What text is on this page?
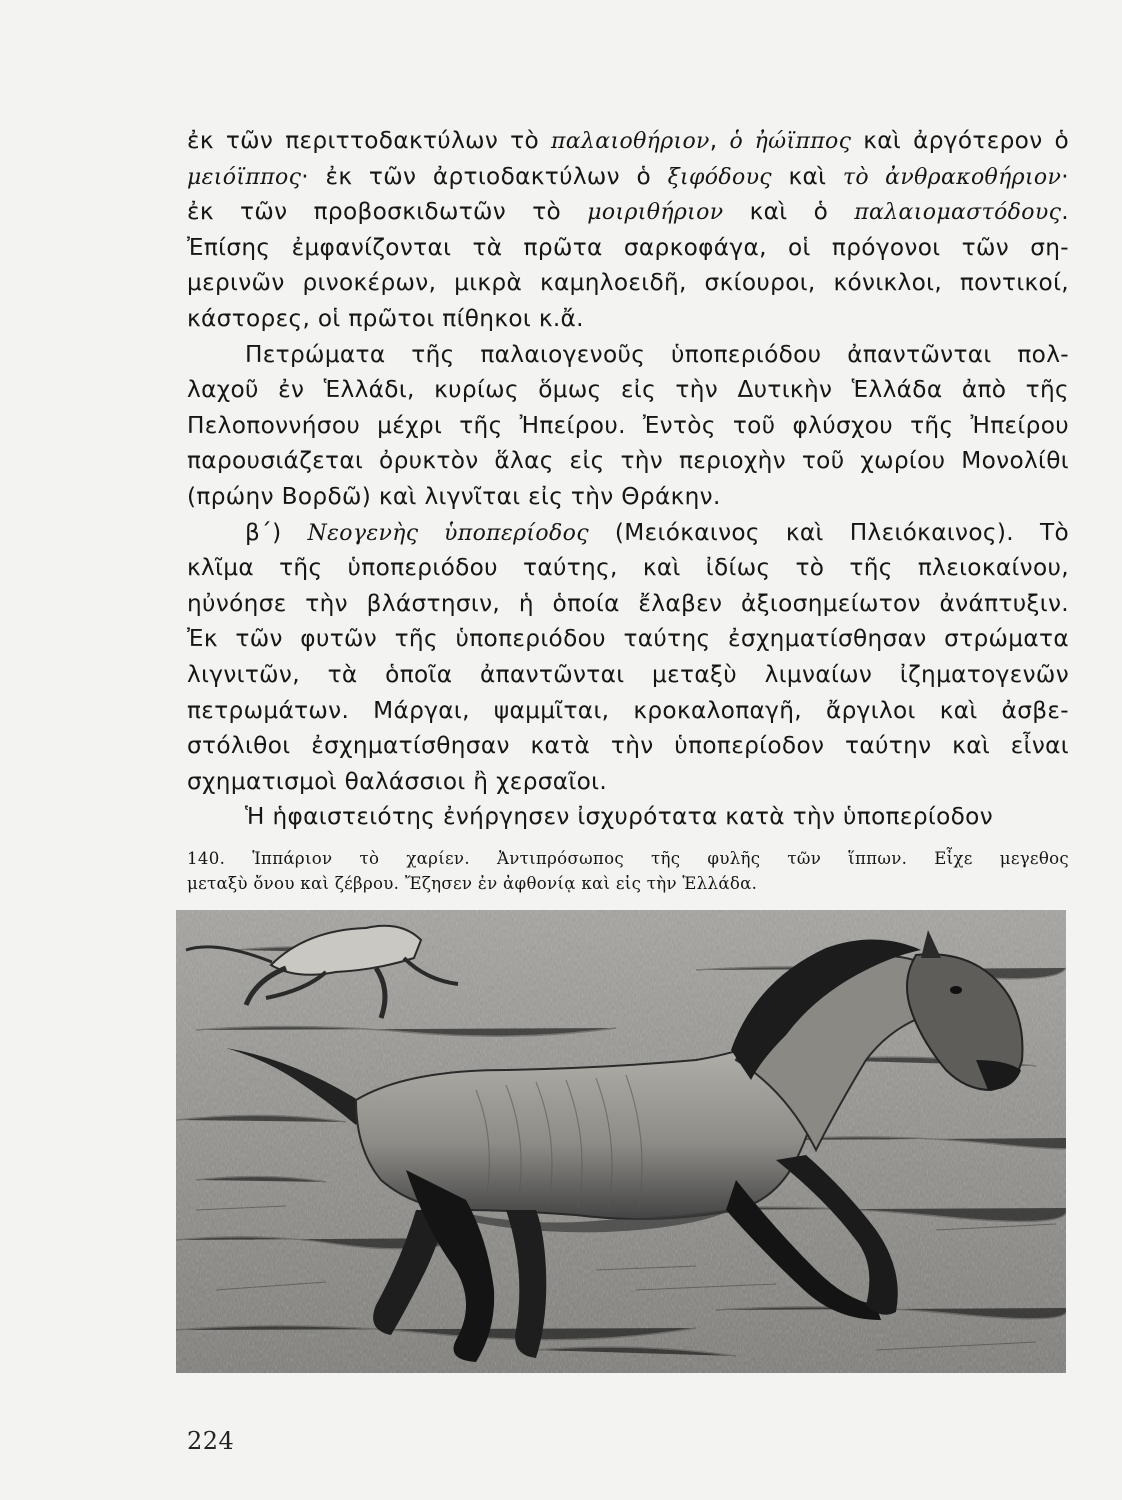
ἐκ τῶν περιττοδακτύλων τὸ παλαιοθήριον, ὁ ἠώϊππος καὶ ἀργότερον ὁ
μειόϊππος· ἐκ τῶν ἀρτιοδακτύλων ὁ ξιφόδους καὶ τὸ ἀνθρακοθήριον·
ἐκ τῶν προβοσκιδωτῶν τὸ μοιριθήριον καὶ ὁ παλαιομαστόδους.
Ἐπίσης ἐμφανίζονται τὰ πρῶτα σαρκοφάγα, οἱ πρόγονοι τῶν ση-
μερινῶν ρινοκέρων, μικρὰ καμηλοειδῆ, σκίουροι, κόνικλοι, ποντικοί,
κάστορες, οἱ πρῶτοι πίθηκοι κ.ἄ.
Πετρώματα τῆς παλαιογενοῦς ὑποπεριόδου ἀπαντῶνται πολ-
λαχοῦ ἐν Ἑλλάδι, κυρίως ὅμως εἰς τὴν Δυτικὴν Ἑλλάδα ἀπὸ τῆς
Πελοποννήσου μέχρι τῆς Ἠπείρου. Ἐντὸς τοῦ φλύσχου τῆς Ἠπείρου
παρουσιάζεται ὀρυκτὸν ἅλας εἰς τὴν περιοχὴν τοῦ χωρίου Μονολίθι
(πρώην Βορδῶ) καὶ λιγνῖται εἰς τὴν Θράκην.
β΄) Νεογενὴς ὑποπερίοδος (Μειόκαινος καὶ Πλειόκαινος). Τὸ
κλῖμα τῆς ὑποπεριόδου ταύτης, καὶ ἰδίως τὸ τῆς πλειοκαίνου,
ηὐνόησε τὴν βλάστησιν, ἡ ὁποία ἔλαβεν ἀξιοσημείωτον ἀνάπτυξιν.
Ἐκ τῶν φυτῶν τῆς ὑποπεριόδου ταύτης ἐσχηματίσθησαν στρώματα
λιγνιτῶν, τὰ ὁποῖα ἀπαντῶνται μεταξὺ λιμναίων ἰζηματογενῶν
πετρωμάτων. Μάργαι, ψαμμῖται, κροκαλοπαγῆ, ἄργιλοι καὶ ἀσβε-
στόλιθοι ἐσχηματίσθησαν κατὰ τὴν ὑποπερίοδον ταύτην καὶ εἶναι
σχηματισμοὶ θαλάσσιοι ἢ χερσαῖοι.
Ἡ ἡφαιστειότης ἐνήργησεν ἰσχυρότατα κατὰ τὴν ὑποπερίοδον
140. Ἱππάριον τὸ χαρίεν. Ἀντιπρόσωπος τῆς φυλῆς τῶν ἵππων. Εἶχε μεγεθος
μεταξὺ ὄνου καὶ ζέβρου. Ἔζησεν ἐν ἀφθονίᾳ καὶ εἰς τὴν Ἑλλάδα.
224
